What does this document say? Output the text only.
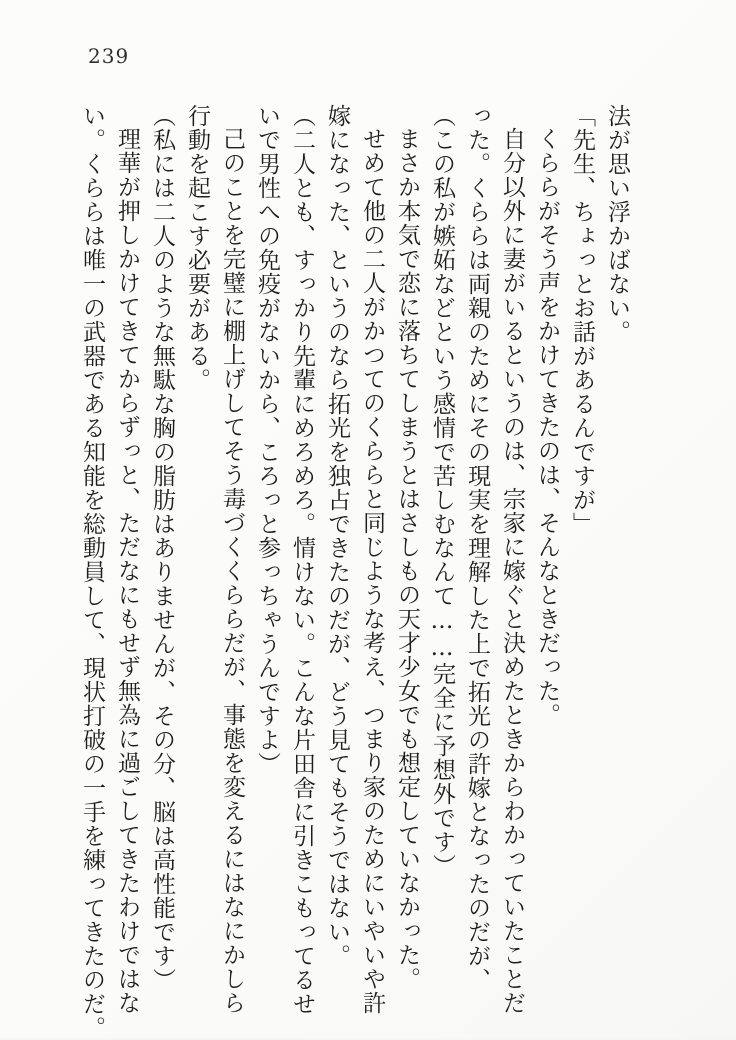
239
法が思い浮かばない。
「先生、ちょっとお話があるんですが」
くららがそう声をかけてきたのは、そんなときだった。
自分以外に妻がいるというのは、宗家に嫁ぐと決めたときからわかっていたことだ
った。くららは両親のためにその現実を理解した上で拓光の許嫁となったのだが、
（この私が嫉妬などという感情で苦しむなんて……完全に予想外です）
まさか本気で恋に落ちてしまうとはさしもの天才少女でも想定していなかった。
せめて他の二人がかつてのくららと同じような考え、つまり家のためにいやいや許
嫁になった、というのなら拓光を独占できたのだが、どう見てもそうではない。
（二人とも、すっかり先輩にめろめろ。情けない。こんな片田舎に引きこもってるせ
いで男性への免疫がないから、ころっと参っちゃうんですよ）
己のことを完璧に棚上げしてそう毒づくくららだが、事態を変えるにはなにかしら
行動を起こす必要がある。
（私には二人のような無駄な胸の脂肪はありませんが、その分、脳は高性能です）
理華が押しかけてきてからずっと、ただなにもせず無為に過ごしてきたわけではな
い。くららは唯一の武器である知能を総動員して、現状打破の一手を練ってきたのだ。
